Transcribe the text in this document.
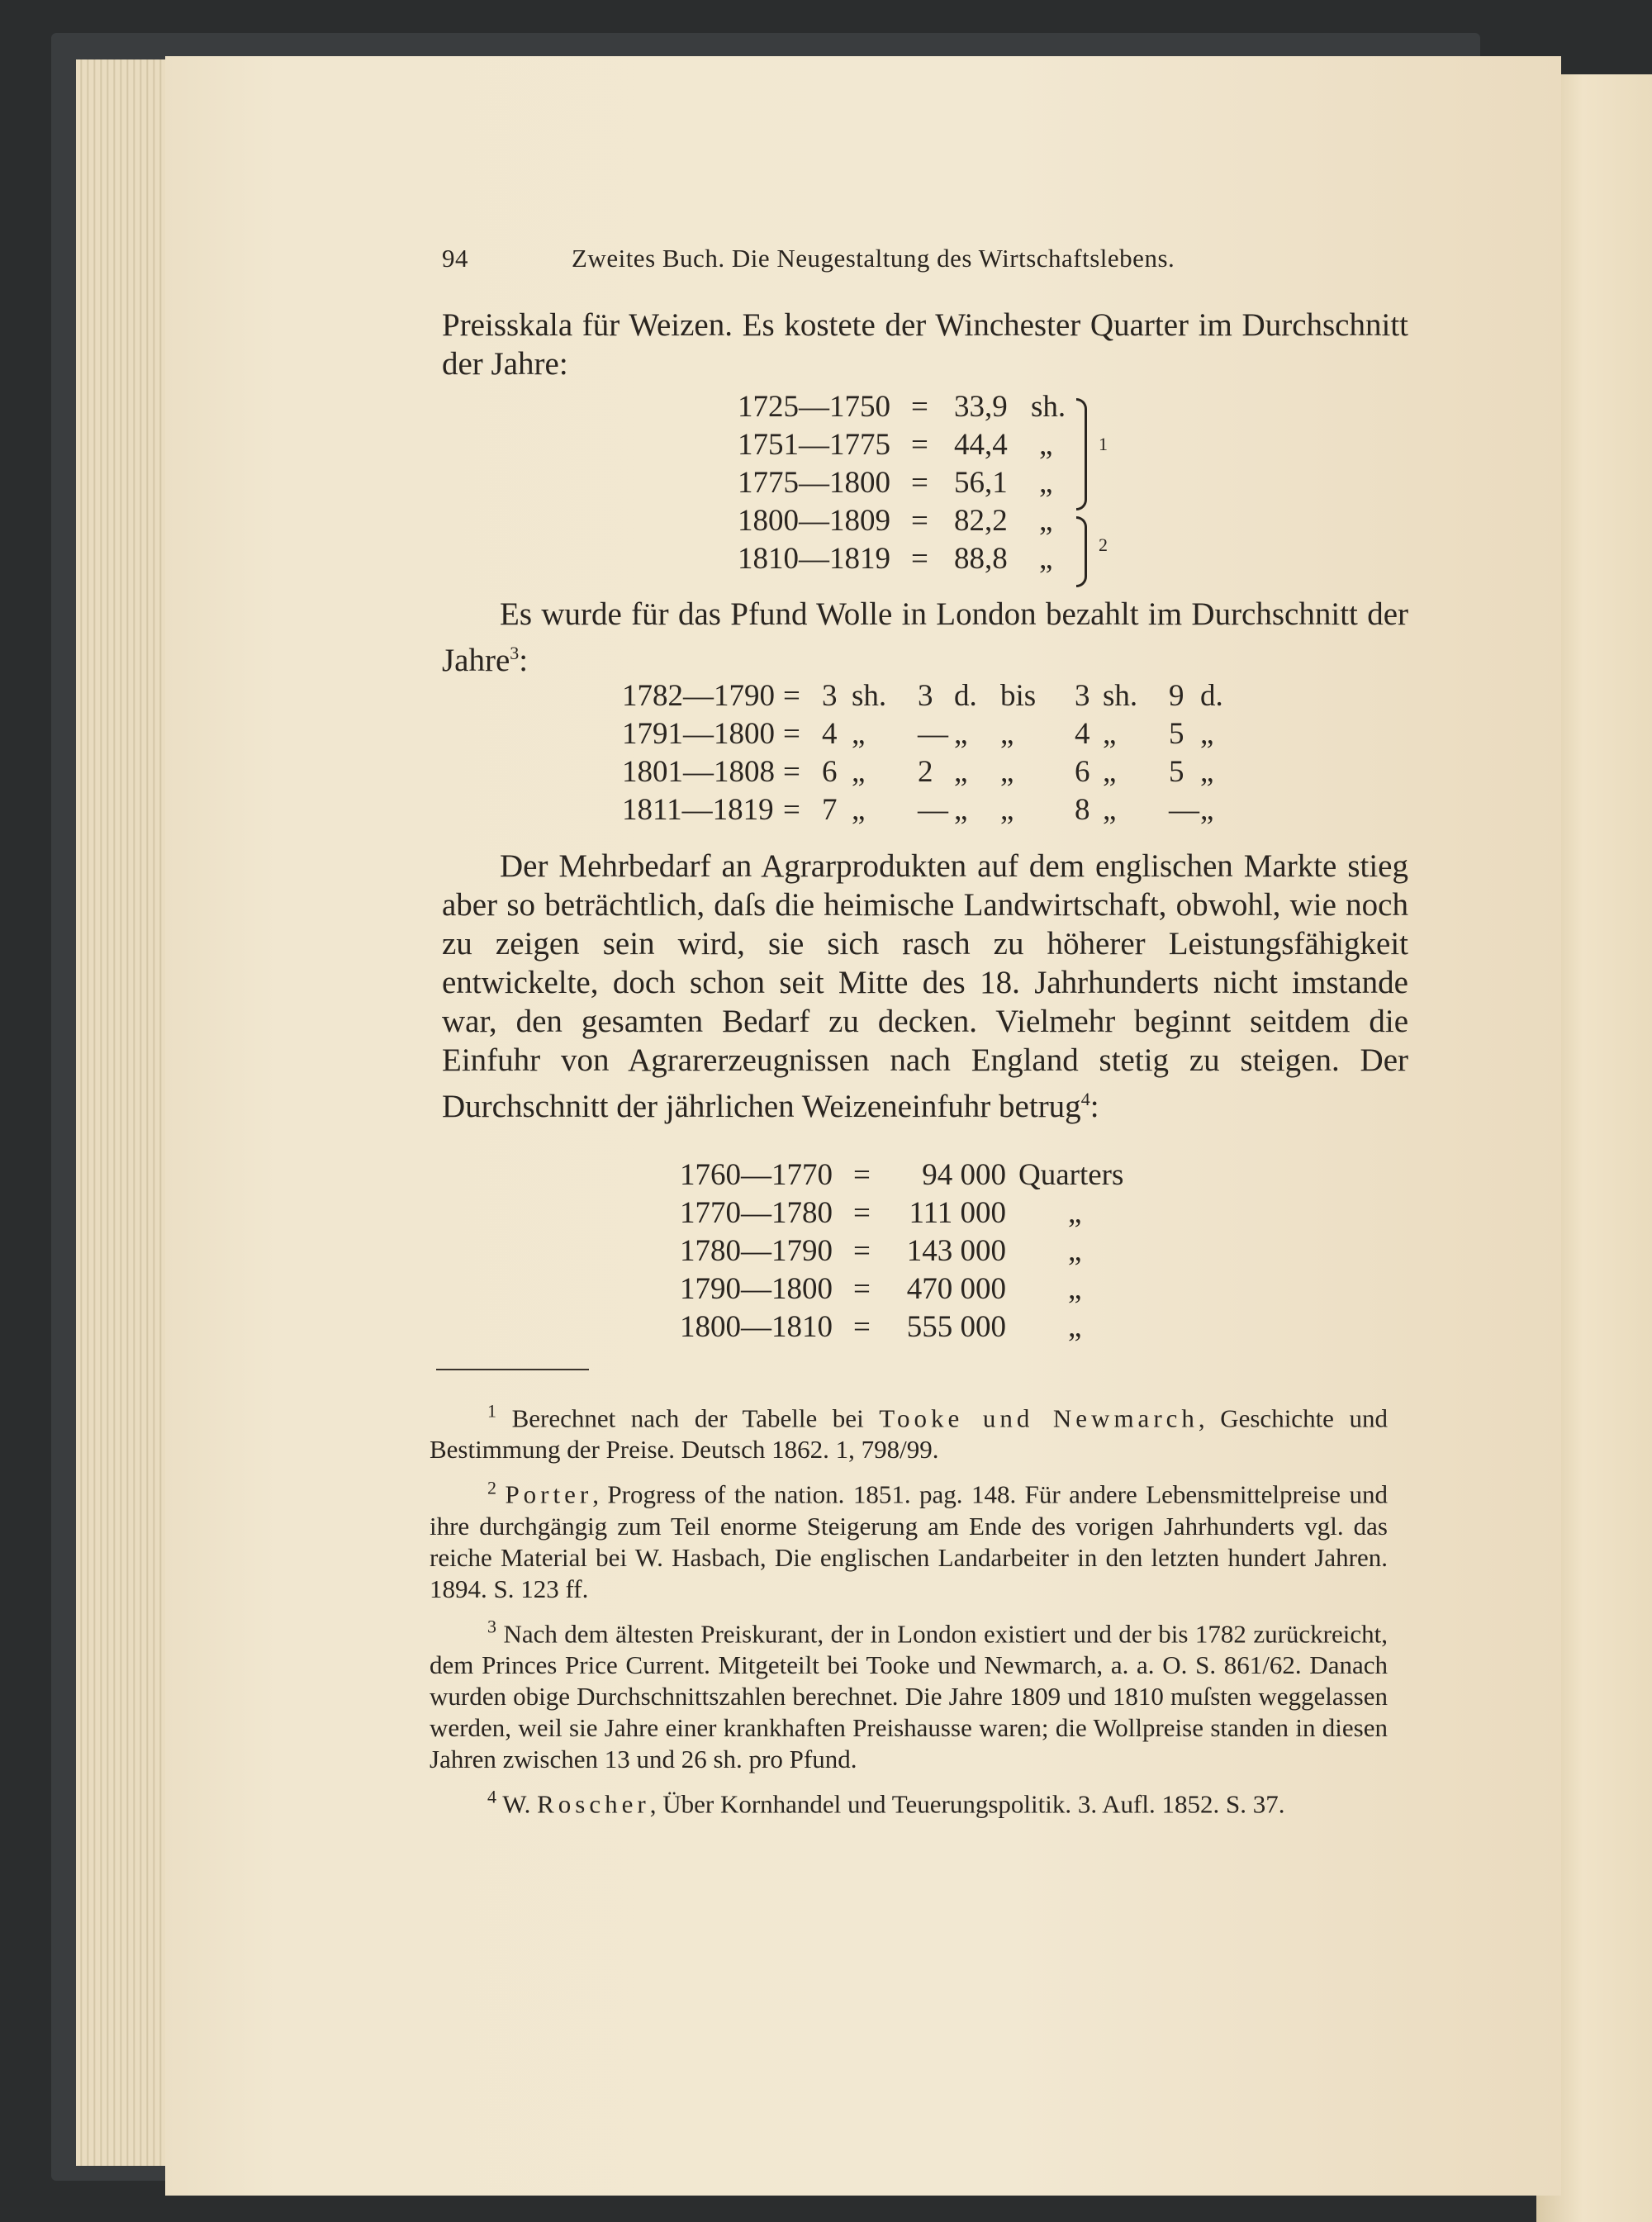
94	Zweites Buch. Die Neugestaltung des Wirtschaftslebens.

Preisskala für Weizen. Es kostete der Winchester Quarter im Durchschnitt der Jahre:

1725—1750 = 33,9 sh.
1751—1775 = 44,4 „
1775—1800 = 56,1 „
1800—1809 = 82,2 „
1810—1819 = 88,8 „
1
2

Es wurde für das Pfund Wolle in London bezahlt im Durchschnitt der Jahre$^3$:

1782—1790 = 3 sh. 3 d. bis 3 sh. 9 d.
1791—1800 = 4 „ — „ „ 4 „ 5 „
1801—1808 = 6 „ 2 „ „ 6 „ 5 „
1811—1819 = 7 „ — „ „ 8 „ — „

Der Mehrbedarf an Agrarprodukten auf dem englischen Markte stieg aber so beträchtlich, daſs die heimische Landwirtschaft, obwohl, wie noch zu zeigen sein wird, sie sich rasch zu höherer Leistungsfähigkeit entwickelte, doch schon seit Mitte des 18. Jahrhunderts nicht imstande war, den gesamten Bedarf zu decken. Vielmehr beginnt seitdem die Einfuhr von Agrarerzeugnissen nach England stetig zu steigen. Der Durchschnitt der jährlichen Weizeneinfuhr betrug$^4$:

1760—1770 =	94 000 Quarters
1770—1780 =	111 000 „
1780—1790 = 143 000 „
1790—1800 = 470 000 „
1800—1810 = 555 000 „

$^1$ Berechnet nach der Tabelle bei Tooke und Newmarch, Geschichte und Bestimmung der Preise. Deutsch 1862. 1, 798/99.

$^2$ Porter, Progress of the nation. 1851. pag. 148. Für andere Lebensmittelpreise und ihre durchgängig zum Teil enorme Steigerung am Ende des vorigen Jahrhunderts vgl. das reiche Material bei W. Hasbach, Die englischen Landarbeiter in den letzten hundert Jahren. 1894. S. 123 ff.

$^3$ Nach dem ältesten Preiskurant, der in London existiert und der bis 1782 zurückreicht, dem Princes Price Current. Mitgeteilt bei Tooke und Newmarch, a. a. O. S. 861/62. Danach wurden obige Durchschnittszahlen berechnet. Die Jahre 1809 und 1810 muſsten weggelassen werden, weil sie Jahre einer krankhaften Preishausse waren; die Wollpreise standen in diesen Jahren zwischen 13 und 26 sh. pro Pfund.

$^4$ W. Roscher, Über Kornhandel und Teuerungspolitik. 3. Aufl. 1852. S. 37.
